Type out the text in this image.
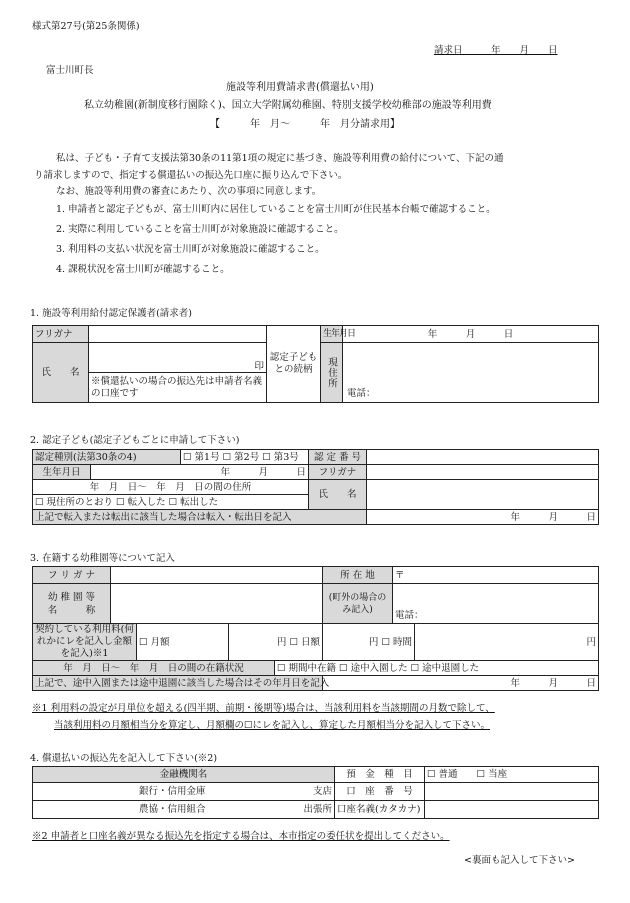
様式第27号(第25条関係)
請求日　　　年　　月　　日
富士川町長
施設等利用費請求書(償還払い用)
私立幼稚園(新制度移行園除く)、国立大学附属幼稚園、特別支援学校幼稚部の施設等利用費
【　　　年　月～　　　年　月分請求用】
私は、子ども・子育て支援法第30条の11第1項の規定に基づき、施設等利用費の給付について、下記の通
り請求しますので、指定する償還払いの振込先口座に振り込んで下さい。
なお、施設等利用費の審査にあたり、次の事項に同意します。
1. 申請者と認定子どもが、富士川町内に居住していることを富士川町が住民基本台帳で確認すること。
2. 実際に利用していることを富士川町が対象施設に確認すること。
3. 利用料の支払い状況を富士川町が対象施設に確認すること。
4. 課税状況を富士川町が確認すること。
1. 施設等利用給付認定保護者(請求者)
フリガナ		認定子どもとの続柄	生年月日	年　　　月　　　日
氏　　名	印		現住所	電話：
	※償還払いの場合の振込先は申請者名義の口座です			
2. 認定子ども(認定子どもごとに申請して下さい)
認定種別(法第30条の4)		☐ 第1号 ☐ 第2号 ☐ 第3号	認 定 番 号	
生年月日	年　　　月　　　日		フリガナ	
年　月　日～　年　月　日の間の住所			氏　　名	
☐ 現住所のとおり ☐ 転入した ☐ 転出した				
上記で転入または転出に該当した場合は転入・転出日を記入				年　　　月　　　日
3. 在籍する幼稚園等について記入
フ リ ガ ナ					所 在 地	〒	
幼 稚 園 等
名　　　称					(町外の場合のみ記入)	電話：	
契約している利用料(何れかにレを記入し金額を記入)※1		☐ 月額	円 ☐ 日額		円 ☐ 時間		円
年　月　日～　年　月　日の間の在籍状況				☐ 期間中在籍 ☐ 途中入園した ☐ 途中退園した			
上記で、途中入園または途中退園に該当した場合はその年月日を記入					年　　　月　　　日		
※1 利用料の設定が月単位を超える(四半期、前期・後期等)場合は、当該利用料を当該期間の月数で除して、
当該利用料の月額相当分を算定し、月額欄の☐にレを記入し、算定した月額相当分を記入して下さい。
4. 償還払いの振込先を記入して下さい(※2)
金融機関名	預　金　種　目	☐ 普通　　☐ 当座
銀行・信用金庫 支店	口　座　番　号	
農協・信用組合 出張所	口座名義(カタカナ)	
※2 申請者と口座名義が異なる振込先を指定する場合は、本市指定の委任状を提出してください。
<裏面も記入して下さい>
